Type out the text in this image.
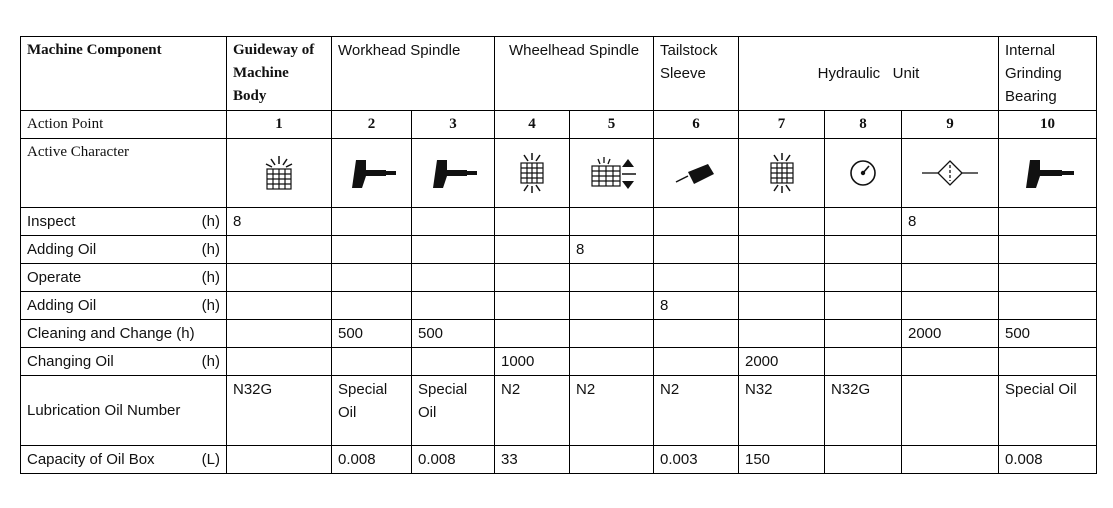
Machine Component	Guideway of Machine Body	Workhead Spindle		Wheelhead Spindle		Tailstock Sleeve	Hydraulic   Unit			Internal Grinding Bearing
Action Point	1	2	3	4	5	6	7	8	9	10
Active Character										

Inspect (h)	8								8	

Adding Oil (h)					8					

Operate (h)										

Adding Oil (h)						8				
Cleaning and Change (h)		500	500						2000	500

Changing Oil (h)				1000			2000			
Lubrication Oil Number	N32G	Special Oil	Special Oil	N2	N2	N2	N32	N32G		Special Oil

Capacity of Oil Box (L)		0.008	0.008	33		0.003	150			0.008
